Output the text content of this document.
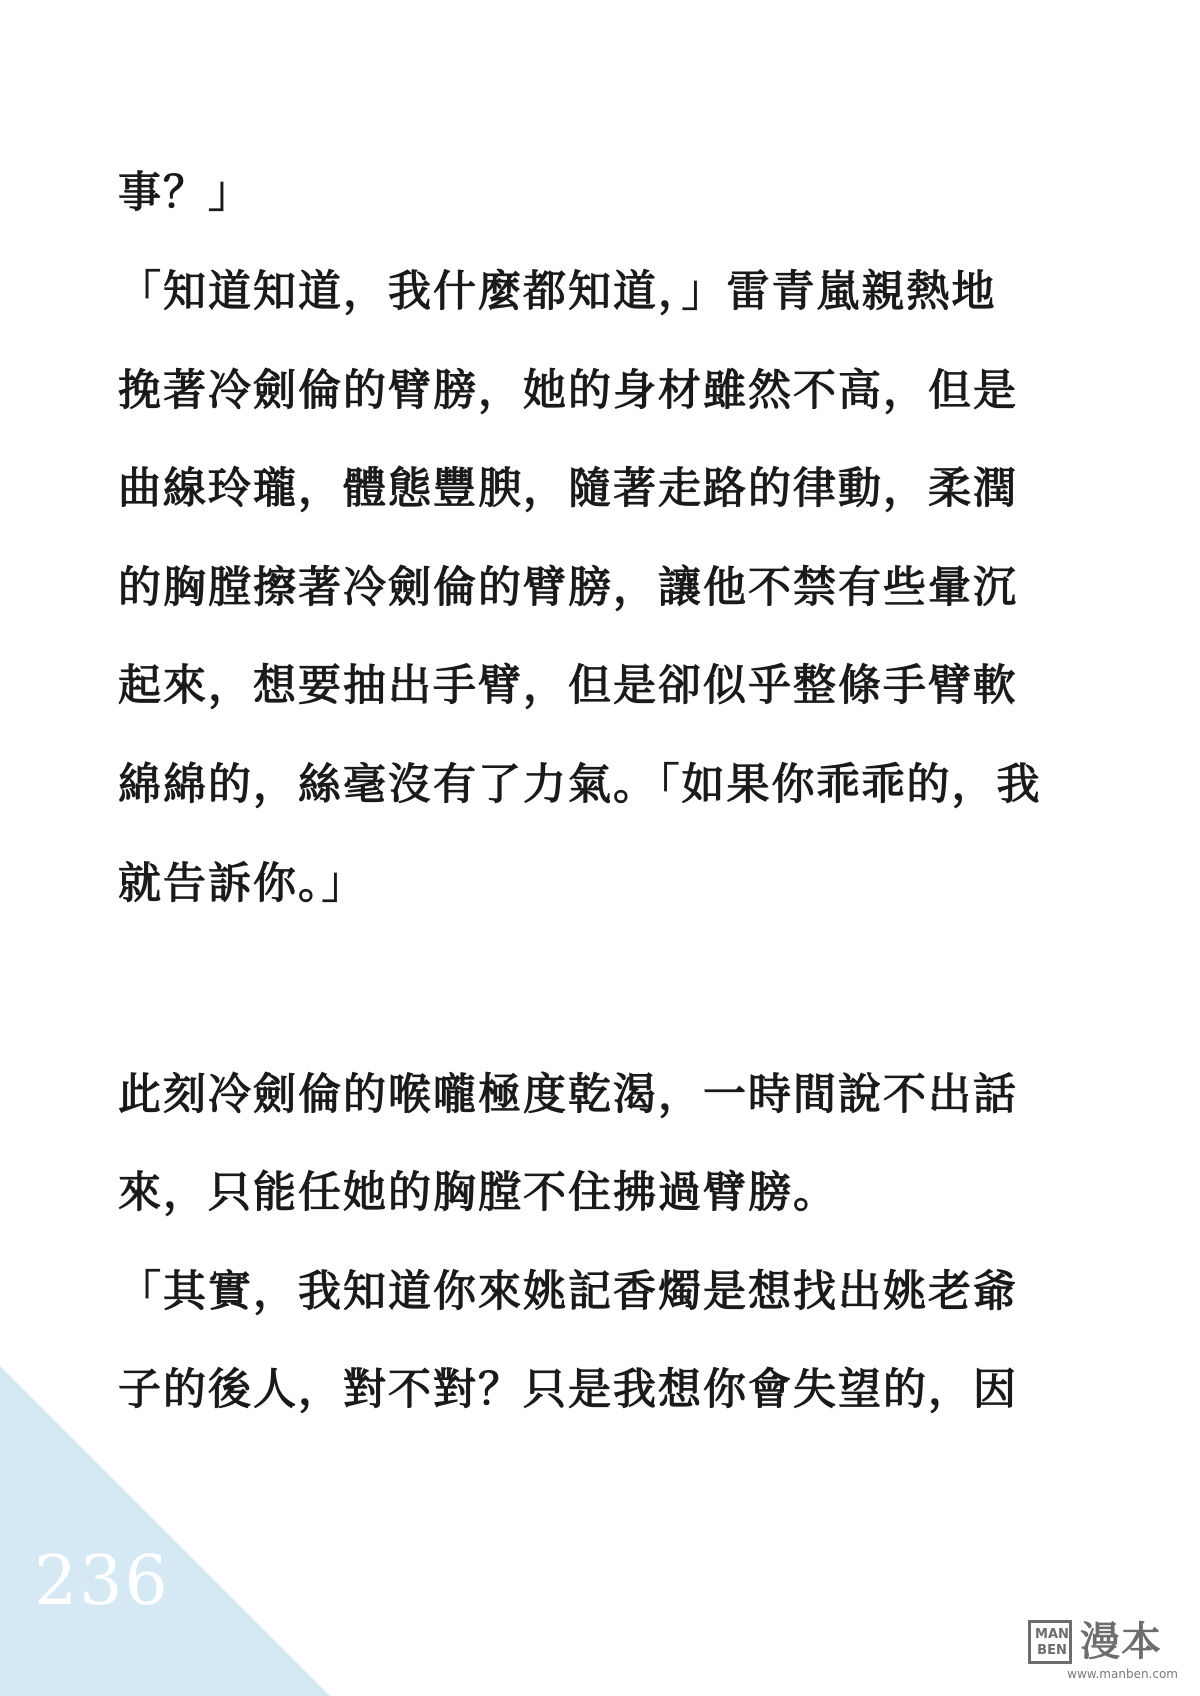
事？」
「知道知道，我什麼都知道，」雷青嵐親熱地
挽著冷劍倫的臂膀，她的身材雖然不高，但是
曲線玲瓏，體態豐腴，隨著走路的律動，柔潤
的胸膛擦著冷劍倫的臂膀，讓他不禁有些暈沉
起來，想要抽出手臂，但是卻似乎整條手臂軟
綿綿的，絲毫沒有了力氣。「如果你乖乖的，我
就告訴你。」
此刻冷劍倫的喉嚨極度乾渴，一時間說不出話
來，只能任她的胸膛不住拂過臂膀。
「其實，我知道你來姚記香燭是想找出姚老爺
子的後人，對不對？只是我想你會失望的，因
236
MAN BEN 漫本
www.manben.com
